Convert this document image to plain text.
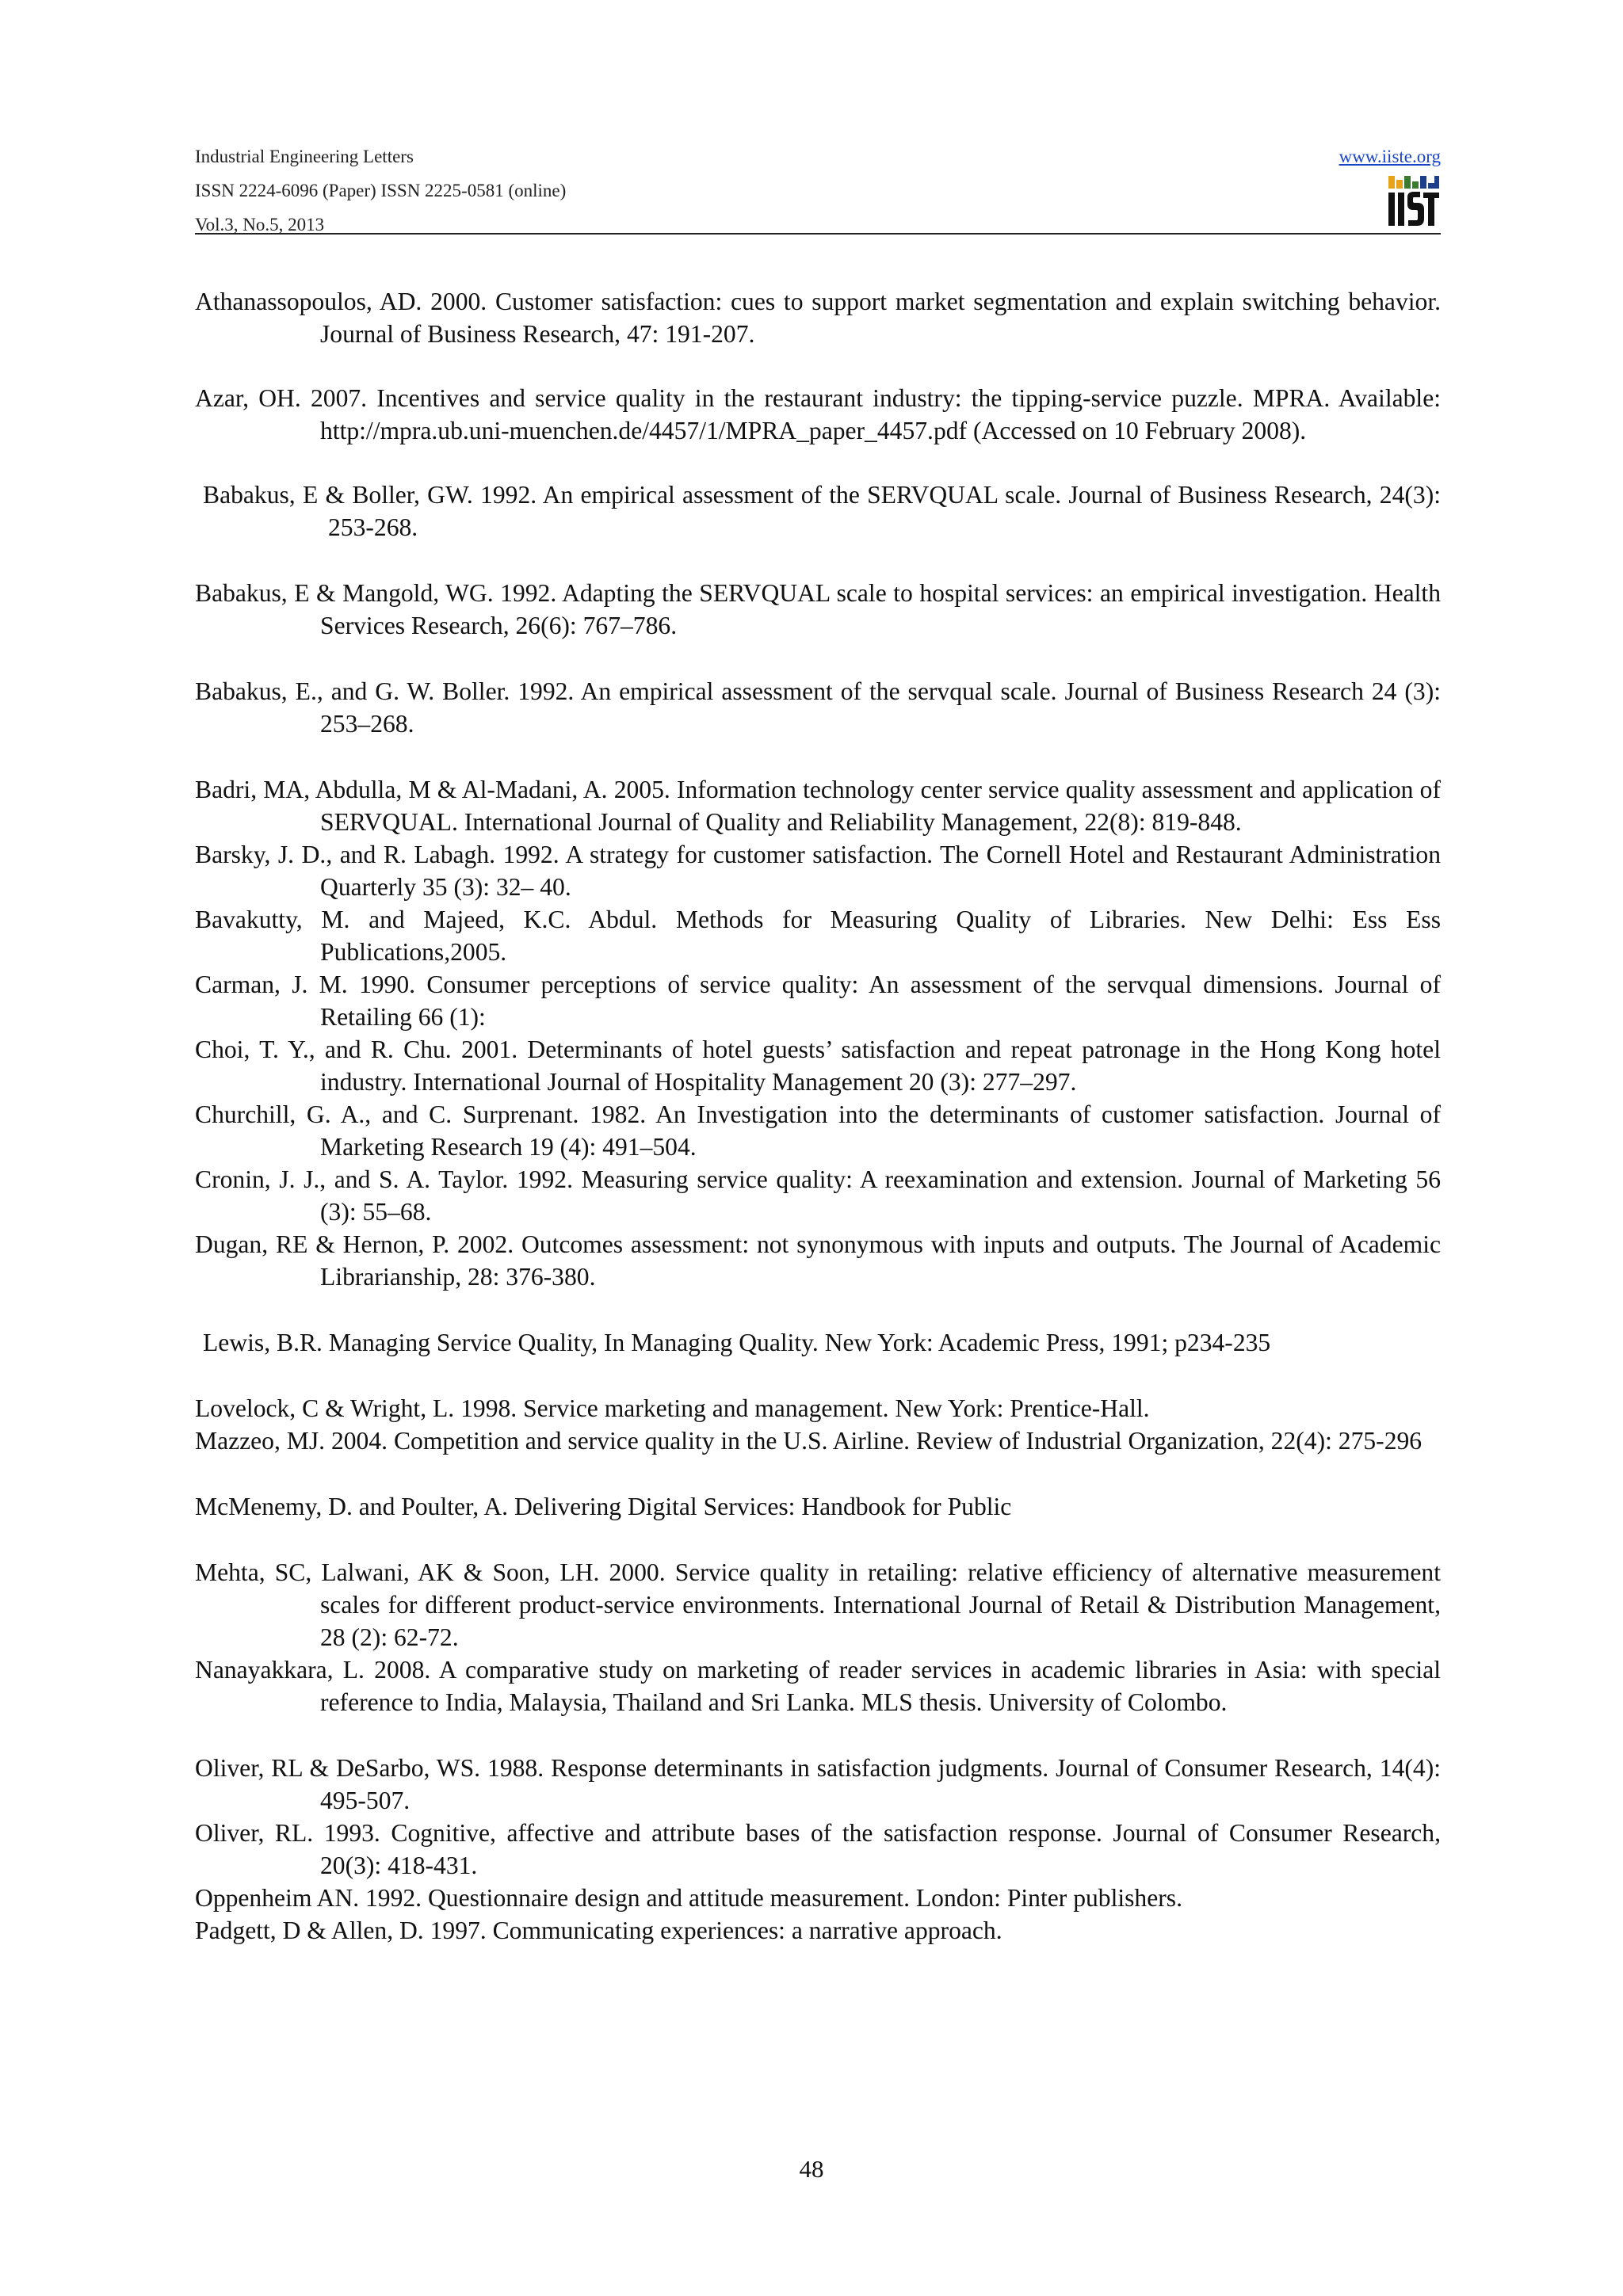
Industrial Engineering Letters
ISSN 2224-6096 (Paper) ISSN 2225-0581 (online)
Vol.3, No.5, 2013
www.iiste.org

Athanassopoulos, AD. 2000. Customer satisfaction: cues to support market segmentation and explain switching behavior. Journal of Business Research, 47: 191-207.

Azar, OH. 2007. Incentives and service quality in the restaurant industry: the tipping-service puzzle. MPRA. Available: http://mpra.ub.uni-muenchen.de/4457/1/MPRA_paper_4457.pdf (Accessed on 10 February 2008).

Babakus, E & Boller, GW. 1992. An empirical assessment of the SERVQUAL scale. Journal of Business Research, 24(3): 253-268.

Babakus, E & Mangold, WG. 1992. Adapting the SERVQUAL scale to hospital services: an empirical investigation. Health Services Research, 26(6): 767–786.

Babakus, E., and G. W. Boller. 1992. An empirical assessment of the servqual scale. Journal of Business Research 24 (3): 253–268.

Badri, MA, Abdulla, M & Al-Madani, A. 2005. Information technology center service quality assessment and application of SERVQUAL. International Journal of Quality and Reliability Management, 22(8): 819-848.

Barsky, J. D., and R. Labagh. 1992. A strategy for customer satisfaction. The Cornell Hotel and Restaurant Administration Quarterly 35 (3): 32– 40.

Bavakutty, M. and Majeed, K.C. Abdul. Methods for Measuring Quality of Libraries. New Delhi: Ess Ess Publications,2005.

Carman, J. M. 1990. Consumer perceptions of service quality: An assessment of the servqual dimensions. Journal of Retailing 66 (1):

Choi, T. Y., and R. Chu. 2001. Determinants of hotel guests’ satisfaction and repeat patronage in the Hong Kong hotel industry. International Journal of Hospitality Management 20 (3): 277–297.

Churchill, G. A., and C. Surprenant. 1982. An Investigation into the determinants of customer satisfaction. Journal of Marketing Research 19 (4): 491–504.

Cronin, J. J., and S. A. Taylor. 1992. Measuring service quality: A reexamination and extension. Journal of Marketing 56 (3): 55–68.

Dugan, RE & Hernon, P. 2002. Outcomes assessment: not synonymous with inputs and outputs. The Journal of Academic Librarianship, 28: 376-380.

Lewis, B.R. Managing Service Quality, In Managing Quality. New York: Academic Press, 1991; p234-235

Lovelock, C & Wright, L. 1998. Service marketing and management. New York: Prentice-Hall.

Mazzeo, MJ. 2004. Competition and service quality in the U.S. Airline. Review of Industrial Organization, 22(4): 275-296

McMenemy, D. and Poulter, A. Delivering Digital Services: Handbook for Public

Mehta, SC, Lalwani, AK & Soon, LH. 2000. Service quality in retailing: relative efficiency of alternative measurement scales for different product-service environments. International Journal of Retail & Distribution Management, 28 (2): 62-72.

Nanayakkara, L. 2008. A comparative study on marketing of reader services in academic libraries in Asia: with special reference to India, Malaysia, Thailand and Sri Lanka. MLS thesis. University of Colombo.

Oliver, RL & DeSarbo, WS. 1988. Response determinants in satisfaction judgments. Journal of Consumer Research, 14(4): 495-507.

Oliver, RL. 1993. Cognitive, affective and attribute bases of the satisfaction response. Journal of Consumer Research, 20(3): 418-431.

Oppenheim AN. 1992. Questionnaire design and attitude measurement. London: Pinter publishers.

Padgett, D & Allen, D. 1997. Communicating experiences: a narrative approach.

48
